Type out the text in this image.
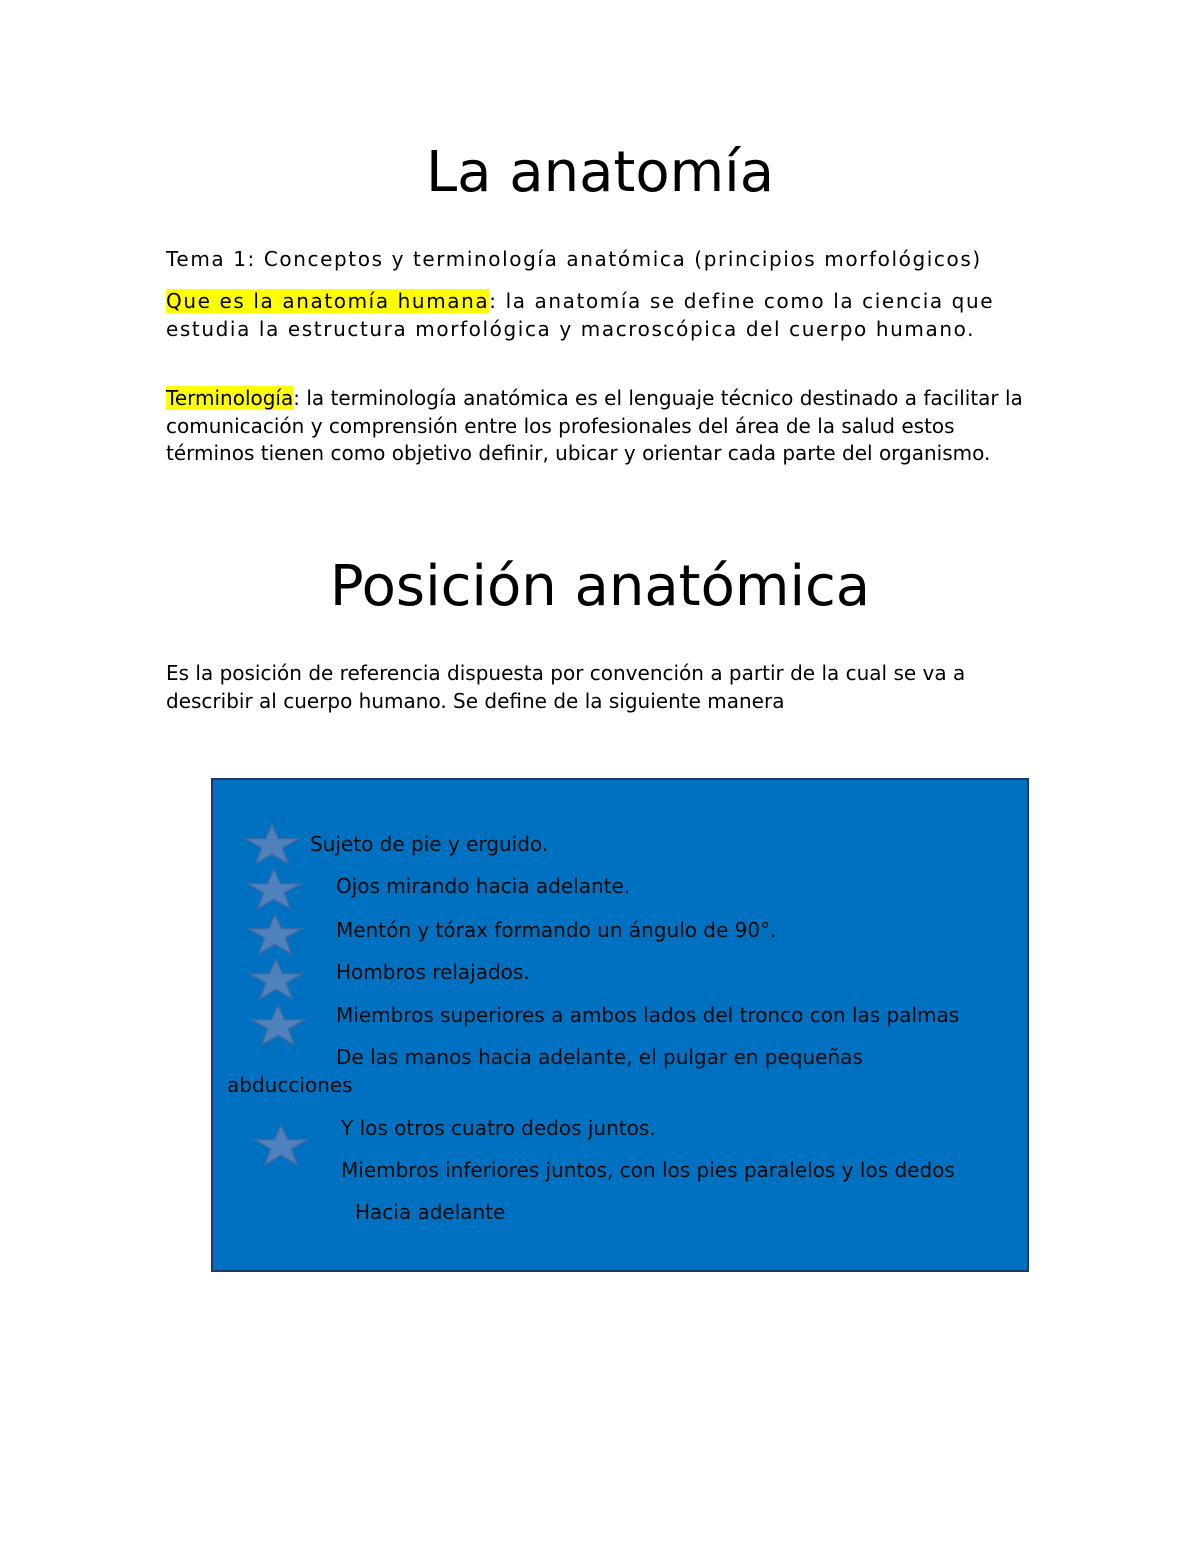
La anatomía
Tema 1: Conceptos y terminología anatómica (principios morfológicos)
Que es la anatomía humana: la anatomía se define como la ciencia que estudia la estructura morfológica y macroscópica del cuerpo humano.
Terminología: la terminología anatómica es el lenguaje técnico destinado a facilitar la comunicación y comprensión entre los profesionales del área de la salud estos términos tienen como objetivo definir, ubicar y orientar cada parte del organismo.
Posición anatómica
Es la posición de referencia dispuesta por convención a partir de la cual se va a describir al cuerpo humano. Se define de la siguiente manera
Sujeto de pie y erguido.
Ojos mirando hacia adelante.
Mentón y tórax formando un ángulo de 90°.
Hombros relajados.
Miembros superiores a ambos lados del tronco con las palmas
De las manos hacia adelante, el pulgar en pequeñas
abducciones
Y los otros cuatro dedos juntos.
Miembros inferiores juntos, con los pies paralelos y los dedos
Hacia adelante
